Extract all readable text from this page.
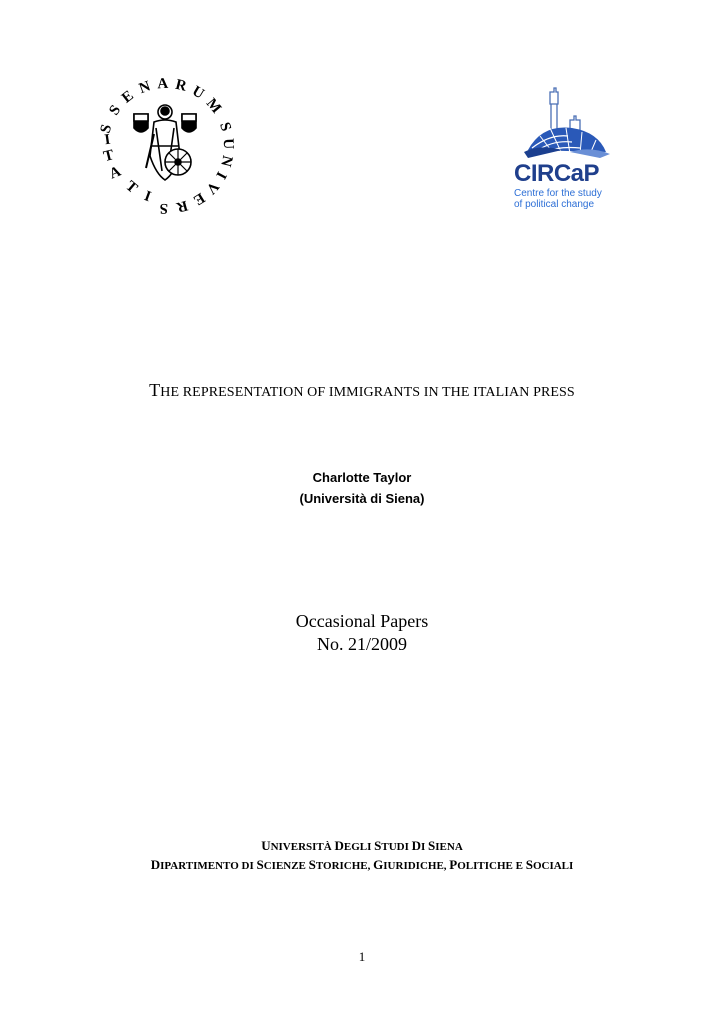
I
T
A
T
I
S
S
E
N A R U
M
S
U
N
I
V
E
R
S
CIRCaP
Centre for the study
of political change
THE REPRESENTATION OF IMMIGRANTS IN THE ITALIAN PRESS
Charlotte Taylor
(Università di Siena)
Occasional Papers
No. 21/2009
UNIVERSITÀ DEGLI STUDI DI SIENA
DIPARTIMENTO DI SCIENZE STORICHE, GIURIDICHE, POLITICHE E SOCIALI
1
